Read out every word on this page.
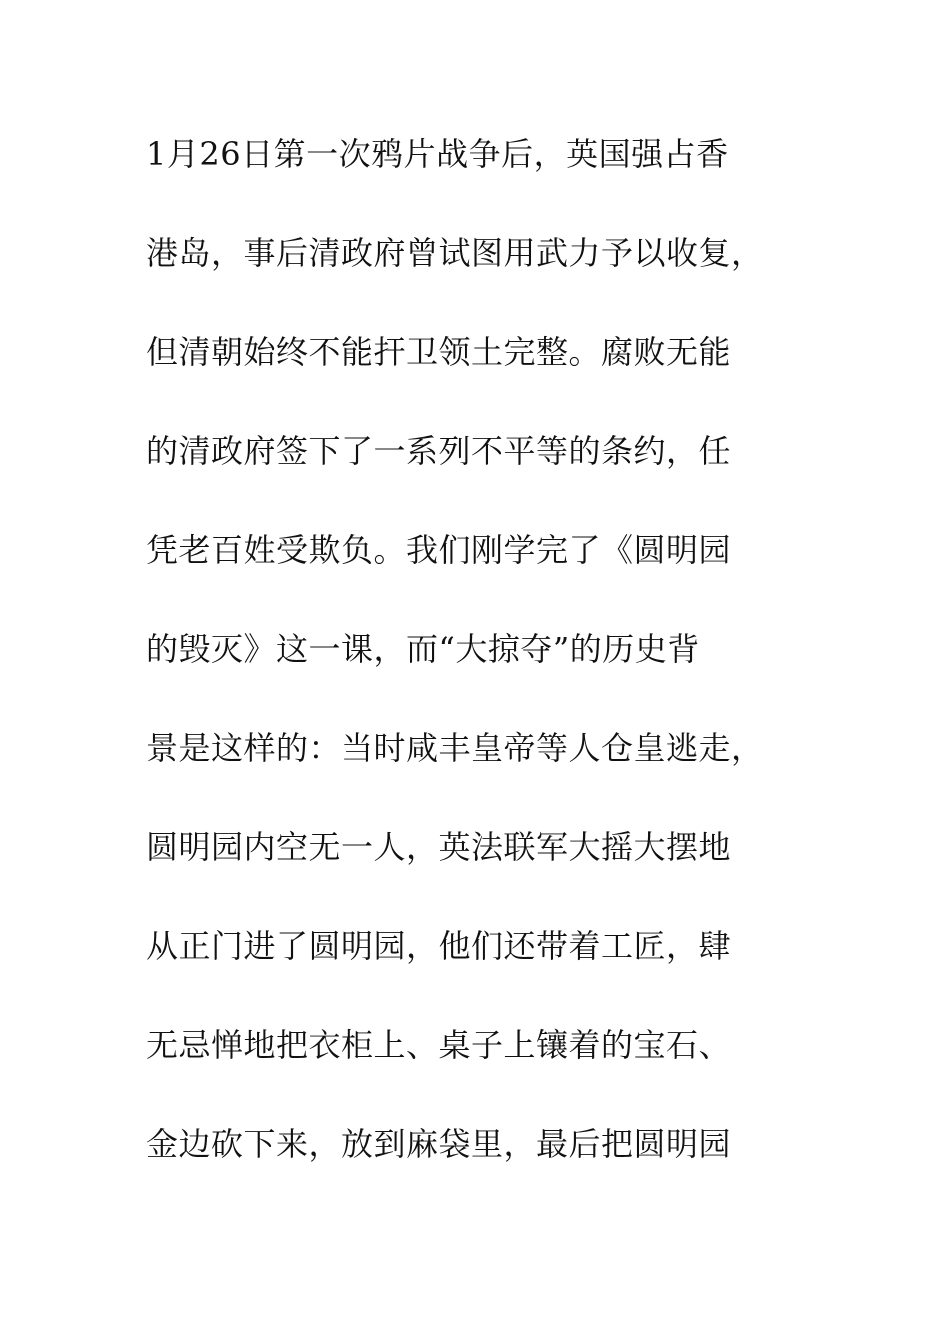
1月26日第一次鸦片战争后，英国强占香
港岛，事后清政府曾试图用武力予以收复，
但清朝始终不能扞卫领土完整。腐败无能
的清政府签下了一系列不平等的条约，任
凭老百姓受欺负。我们刚学完了《圆明园
的毁灭》这一课，而“大掠夺”的历史背
景是这样的：当时咸丰皇帝等人仓皇逃走，
圆明园内空无一人，英法联军大摇大摆地
从正门进了圆明园，他们还带着工匠，肆
无忌惮地把衣柜上、桌子上镶着的宝石、
金边砍下来，放到麻袋里，最后把圆明园
